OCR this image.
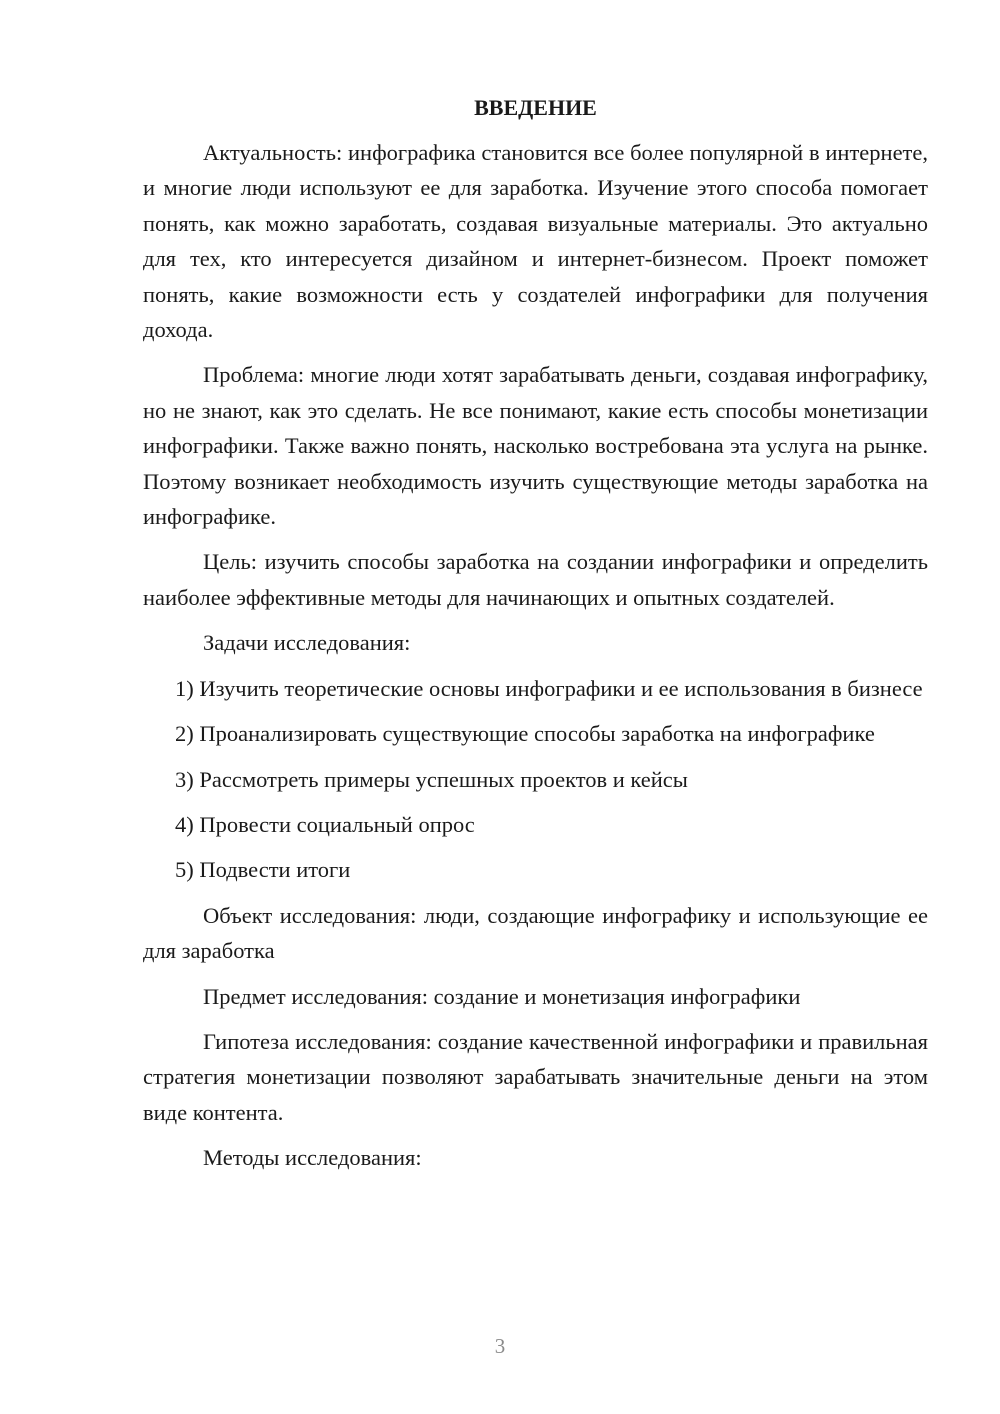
ВВЕДЕНИЕ
Актуальность: инфографика становится все более популярной в интернете, и многие люди используют ее для заработка. Изучение этого способа помогает понять, как можно заработать, создавая визуальные материалы. Это актуально для тех, кто интересуется дизайном и интернет-бизнесом. Проект поможет понять, какие возможности есть у создателей инфографики для получения дохода.
Проблема: многие люди хотят зарабатывать деньги, создавая инфографику, но не знают, как это сделать. Не все понимают, какие есть способы монетизации инфографики. Также важно понять, насколько востребована эта услуга на рынке. Поэтому возникает необходимость изучить существующие методы заработка на инфографике.
Цель: изучить способы заработка на создании инфографики и определить наиболее эффективные методы для начинающих и опытных создателей.
Задачи исследования:
1) Изучить теоретические основы инфографики и ее использования в бизнесе
2) Проанализировать существующие способы заработка на инфографике
3) Рассмотреть примеры успешных проектов и кейсы
4) Провести социальный опрос
5) Подвести итоги
Объект исследования: люди, создающие инфографику и использующие ее для заработка
Предмет исследования: создание и монетизация инфографики
Гипотеза исследования: создание качественной инфографики и правильная стратегия монетизации позволяют зарабатывать значительные деньги на этом виде контента.
Методы исследования:
3
